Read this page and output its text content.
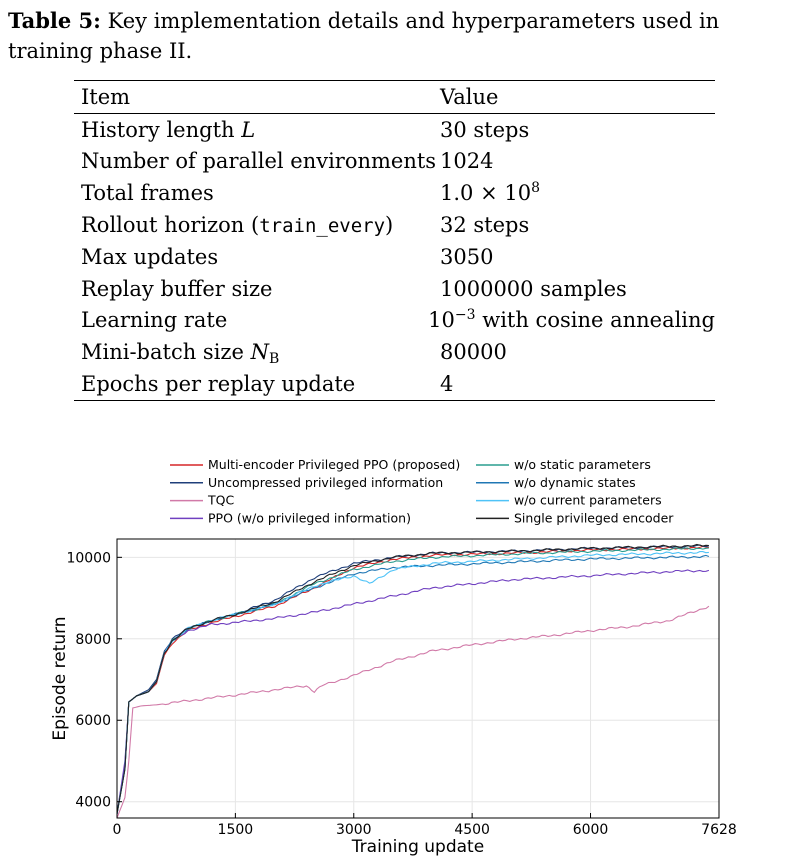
Table 5: Key implementation details and hyperparameters used in training phase II.
Item	Value
History length L	30 steps
Number of parallel environments 1024
Total frames	$1.0 \times 10^8$
Rollout horizon (train_every)	32 steps
Max updates	3050
Replay buffer size	1000000 samples
Learning rate	$10^{-3}$ with cosine annealing
Mini-batch size $N_B$	80000
Epochs per replay update	4
Multi-encoder Privileged PPO (proposed)
Uncompressed privileged information
TQC
PPO (w/o privileged information)
w/o static parameters
w/o dynamic states
w/o current parameters
Single privileged encoder
0	1500	3000	4500	6000	7628
4000
6000
8000
10000
Training update
Episode return
